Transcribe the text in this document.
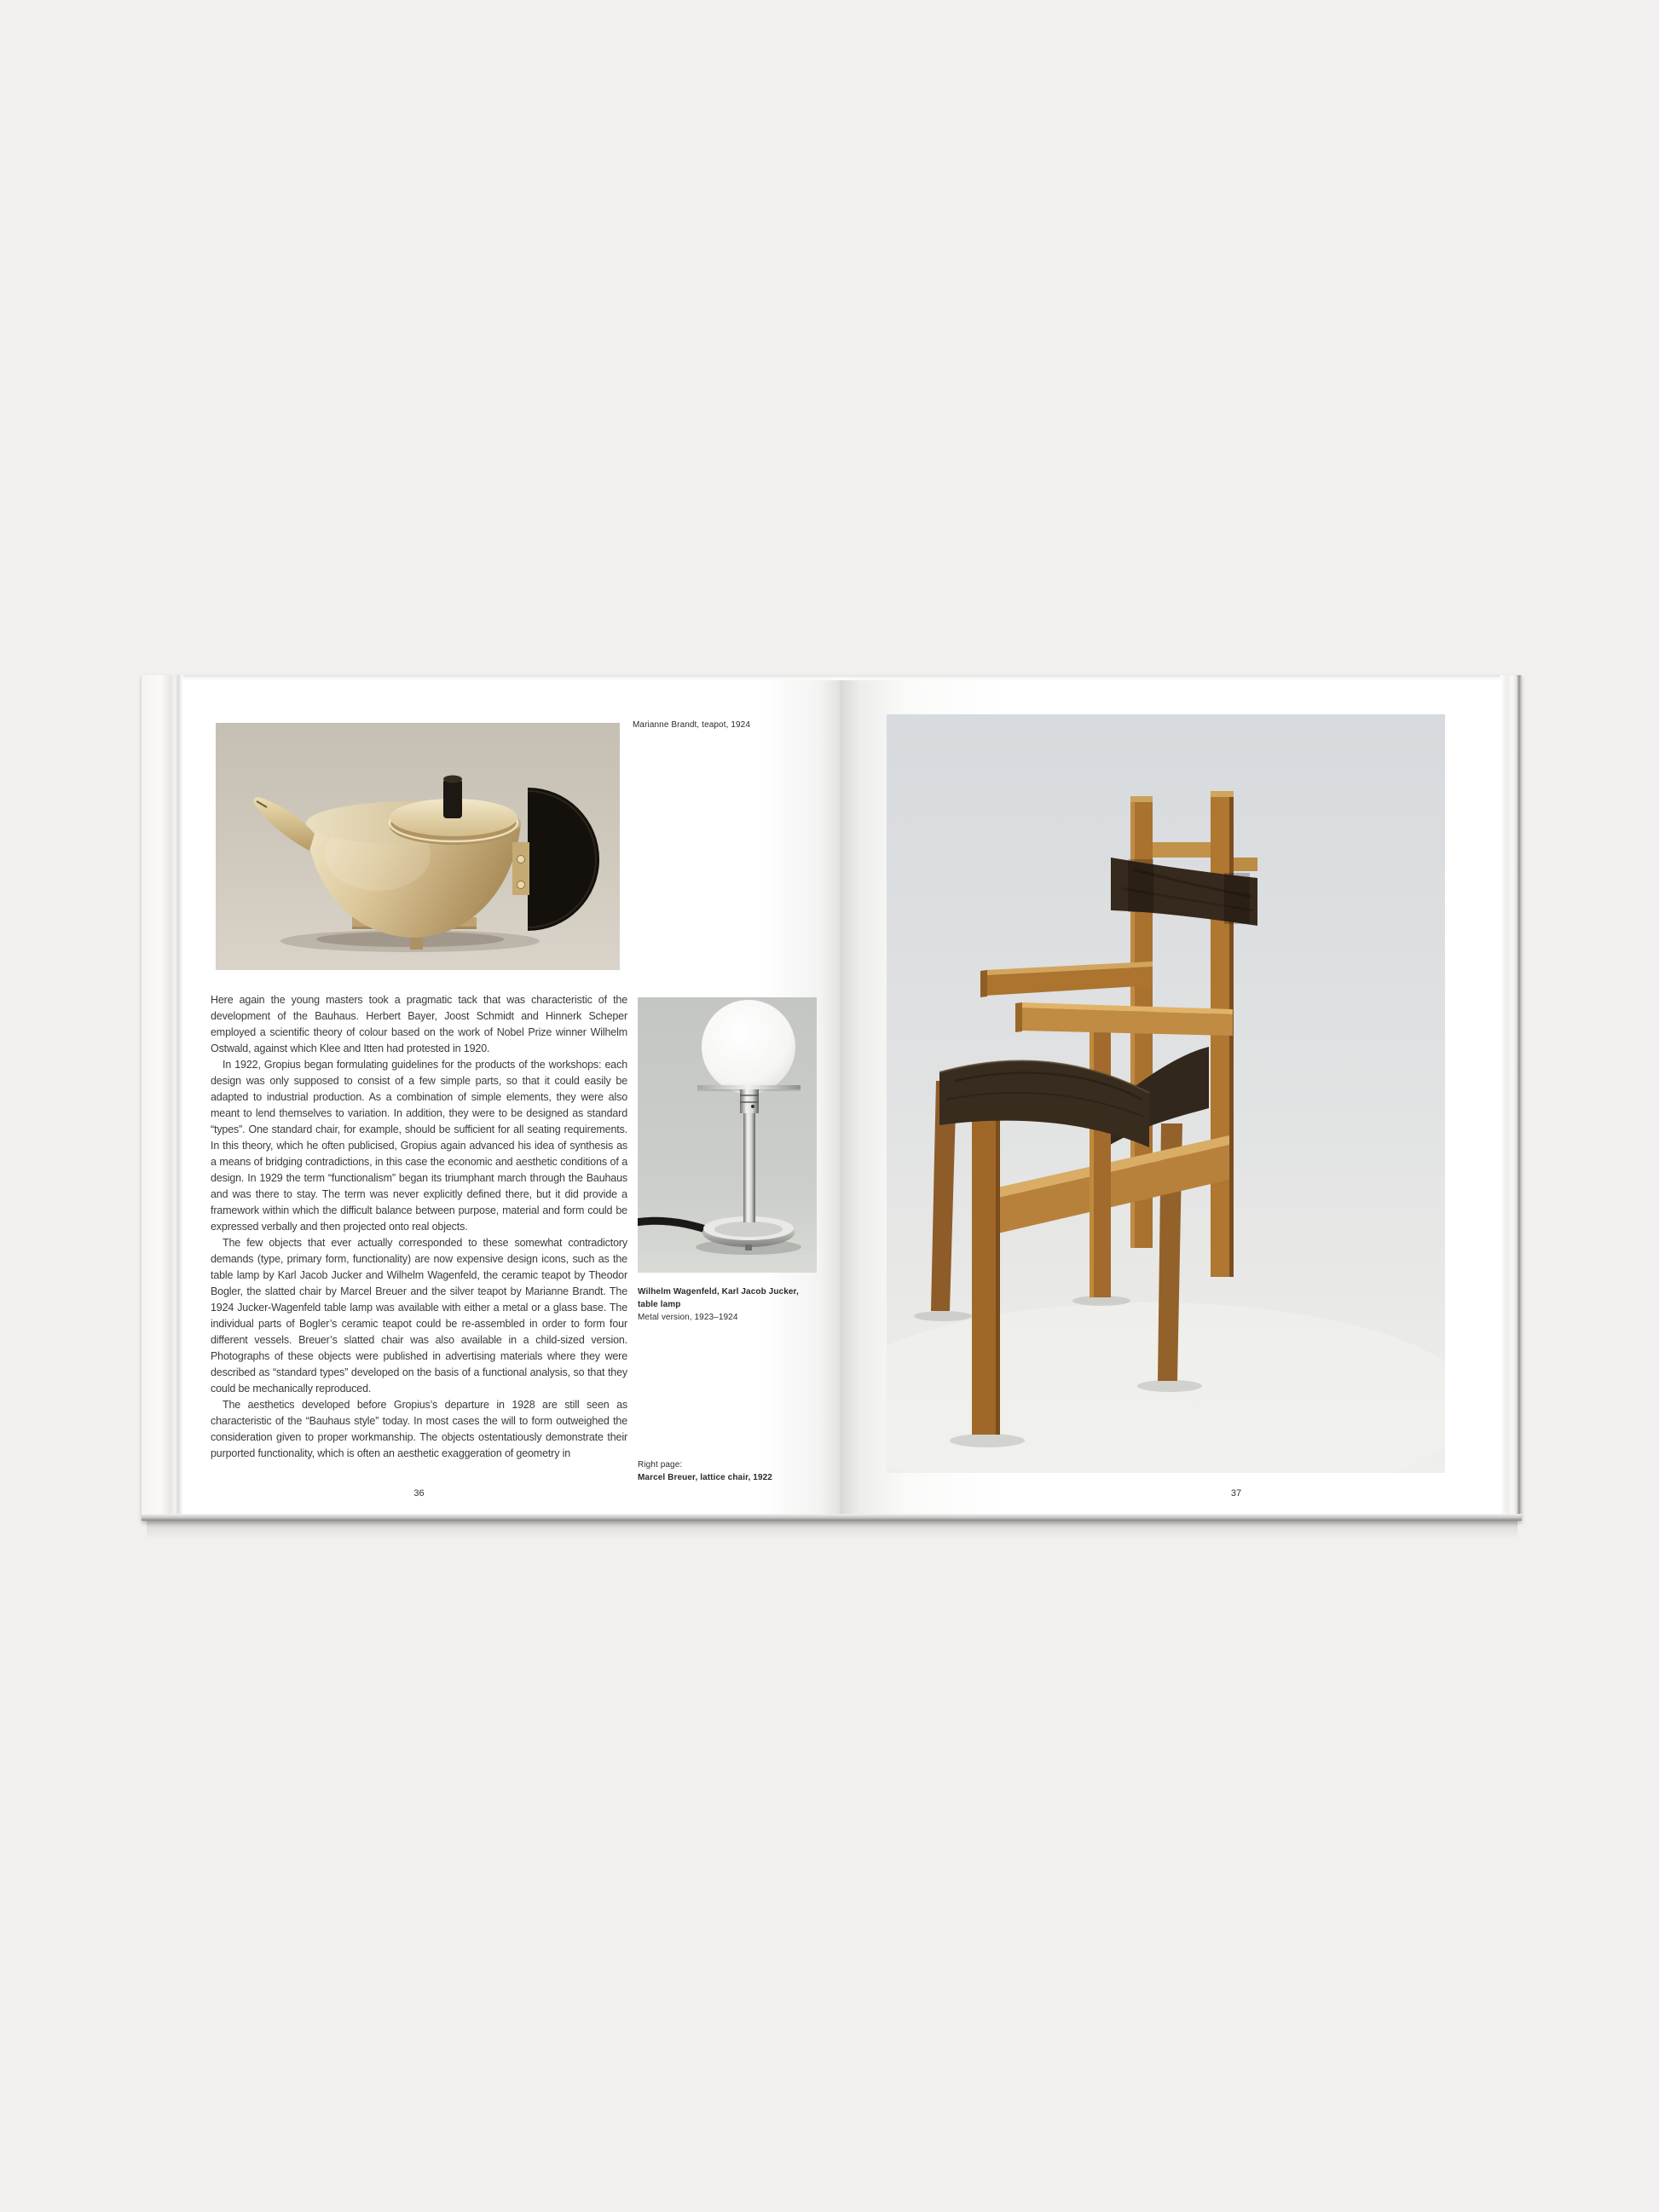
Marianne Brandt, teapot, 1924

Here again the young masters took a pragmatic tack that was characteristic of the development of the Bauhaus. Herbert Bayer, Joost Schmidt and Hinnerk Scheper employed a scientific theory of colour based on the work of Nobel Prize winner Wilhelm Ostwald, against which Klee and Itten had protested in 1920.

In 1922, Gropius began formulating guidelines for the products of the workshops: each design was only supposed to consist of a few simple parts, so that it could easily be adapted to industrial production. As a combination of simple elements, they were also meant to lend themselves to variation. In addition, they were to be designed as standard “types”. One standard chair, for example, should be sufficient for all seating requirements. In this theory, which he often publicised, Gropius again advanced his idea of synthesis as a means of bridging contradictions, in this case the economic and aesthetic conditions of a design. In 1929 the term “functionalism” began its triumphant march through the Bauhaus and was there to stay. The term was never explicitly defined there, but it did provide a framework within which the difficult balance between purpose, material and form could be expressed verbally and then projected onto real objects.

The few objects that ever actually corresponded to these somewhat contradictory demands (type, primary form, functionality) are now expensive design icons, such as the table lamp by Karl Jacob Jucker and Wilhelm Wagenfeld, the ceramic teapot by Theodor Bogler, the slatted chair by Marcel Breuer and the silver teapot by Marianne Brandt. The 1924 Jucker-Wagenfeld table lamp was available with either a metal or a glass base. The individual parts of Bogler’s ceramic teapot could be re-assembled in order to form four different vessels. Breuer’s slatted chair was also available in a child-sized version. Photographs of these objects were published in advertising materials where they were described as “standard types” developed on the basis of a functional analysis, so that they could be mechanically reproduced.

The aesthetics developed before Gropius’s departure in 1928 are still seen as characteristic of the “Bauhaus style” today. In most cases the will to form outweighed the consideration given to proper workmanship. The objects ostentatiously demonstrate their purported functionality, which is often an aesthetic exaggeration of geometry in

Wilhelm Wagenfeld, Karl Jacob Jucker, table lamp
Metal version, 1923–1924
Right page:
Marcel Breuer, lattice chair, 1922
36	37
